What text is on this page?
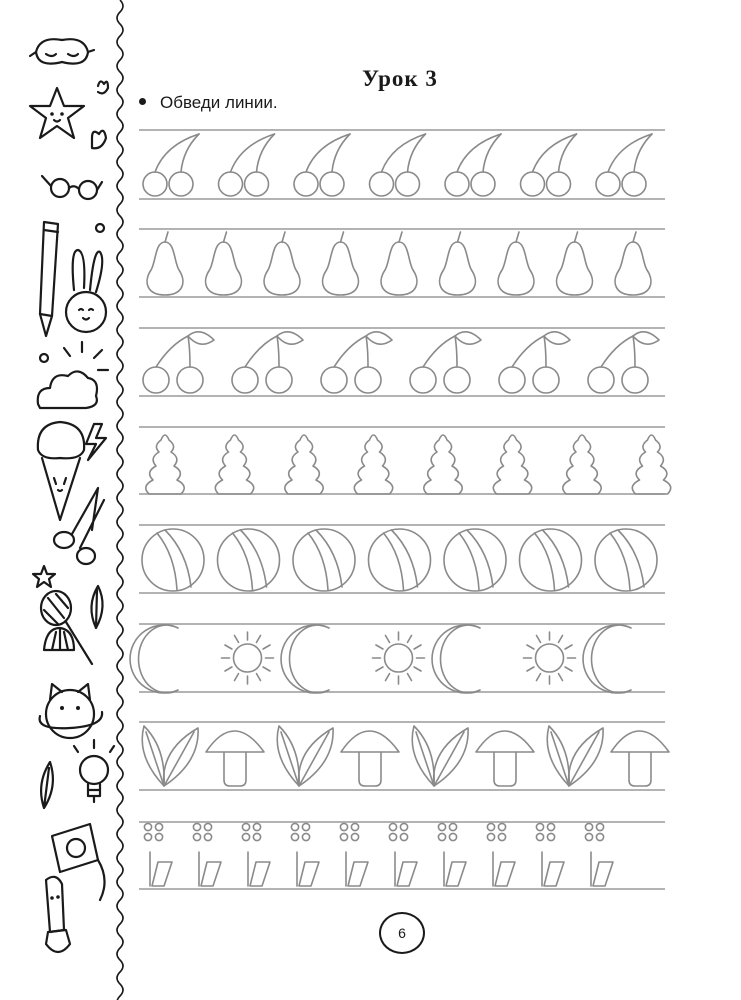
Урок 3
Обведи линии.
6
